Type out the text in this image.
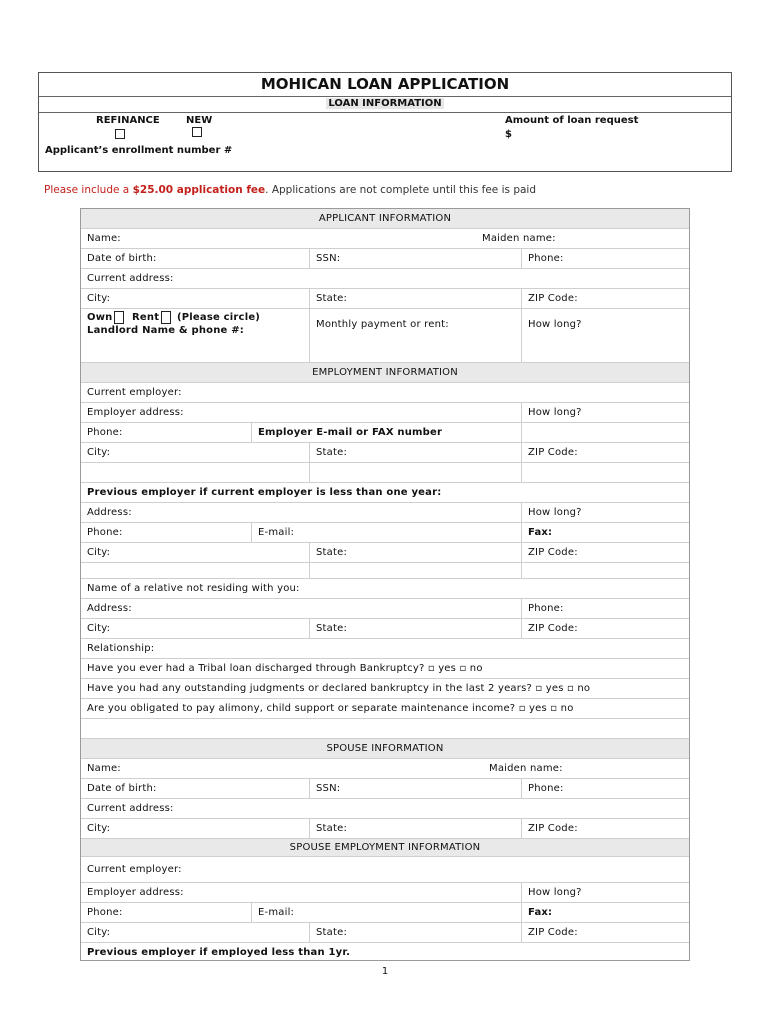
MOHICAN LOAN APPLICATION
LOAN INFORMATION
REFINANCE	NEW	Amount of loan request
$
Applicant’s enrollment number #
Please include a $25.00 application fee. Applications are not complete until this fee is paid
APPLICANT INFORMATION
Name:	Maiden name:
Date of birth:	SSN:	Phone:
Current address:
City:	State:	ZIP Code:
Own Rent (Please circle)
Landlord Name & phone #:
Monthly payment or rent:	How long?
EMPLOYMENT INFORMATION
Current employer:
Employer address:	How long?
Phone:	Employer E-mail or FAX number
City:	State:	ZIP Code:
Previous employer if current employer is less than one year:
Address:	How long?
Phone:	E-mail:	Fax:
City:	State:	ZIP Code:
Name of a relative not residing with you:
Address:	Phone:
City:	State:	ZIP Code:
Relationship:
Have you ever had a Tribal loan discharged through Bankruptcy? ▫ yes ▫ no
Have you had any outstanding judgments or declared bankruptcy in the last 2 years? ▫ yes ▫ no
Are you obligated to pay alimony, child support or separate maintenance income? ▫ yes ▫ no
SPOUSE INFORMATION
Name:	Maiden name:
Date of birth:	SSN:	Phone:
Current address:
City:	State:	ZIP Code:
SPOUSE EMPLOYMENT INFORMATION
Current employer:
Employer address:	How long?
Phone:	E-mail:	Fax:
City:	State:	ZIP Code:
Previous employer if employed less than 1yr.
1
